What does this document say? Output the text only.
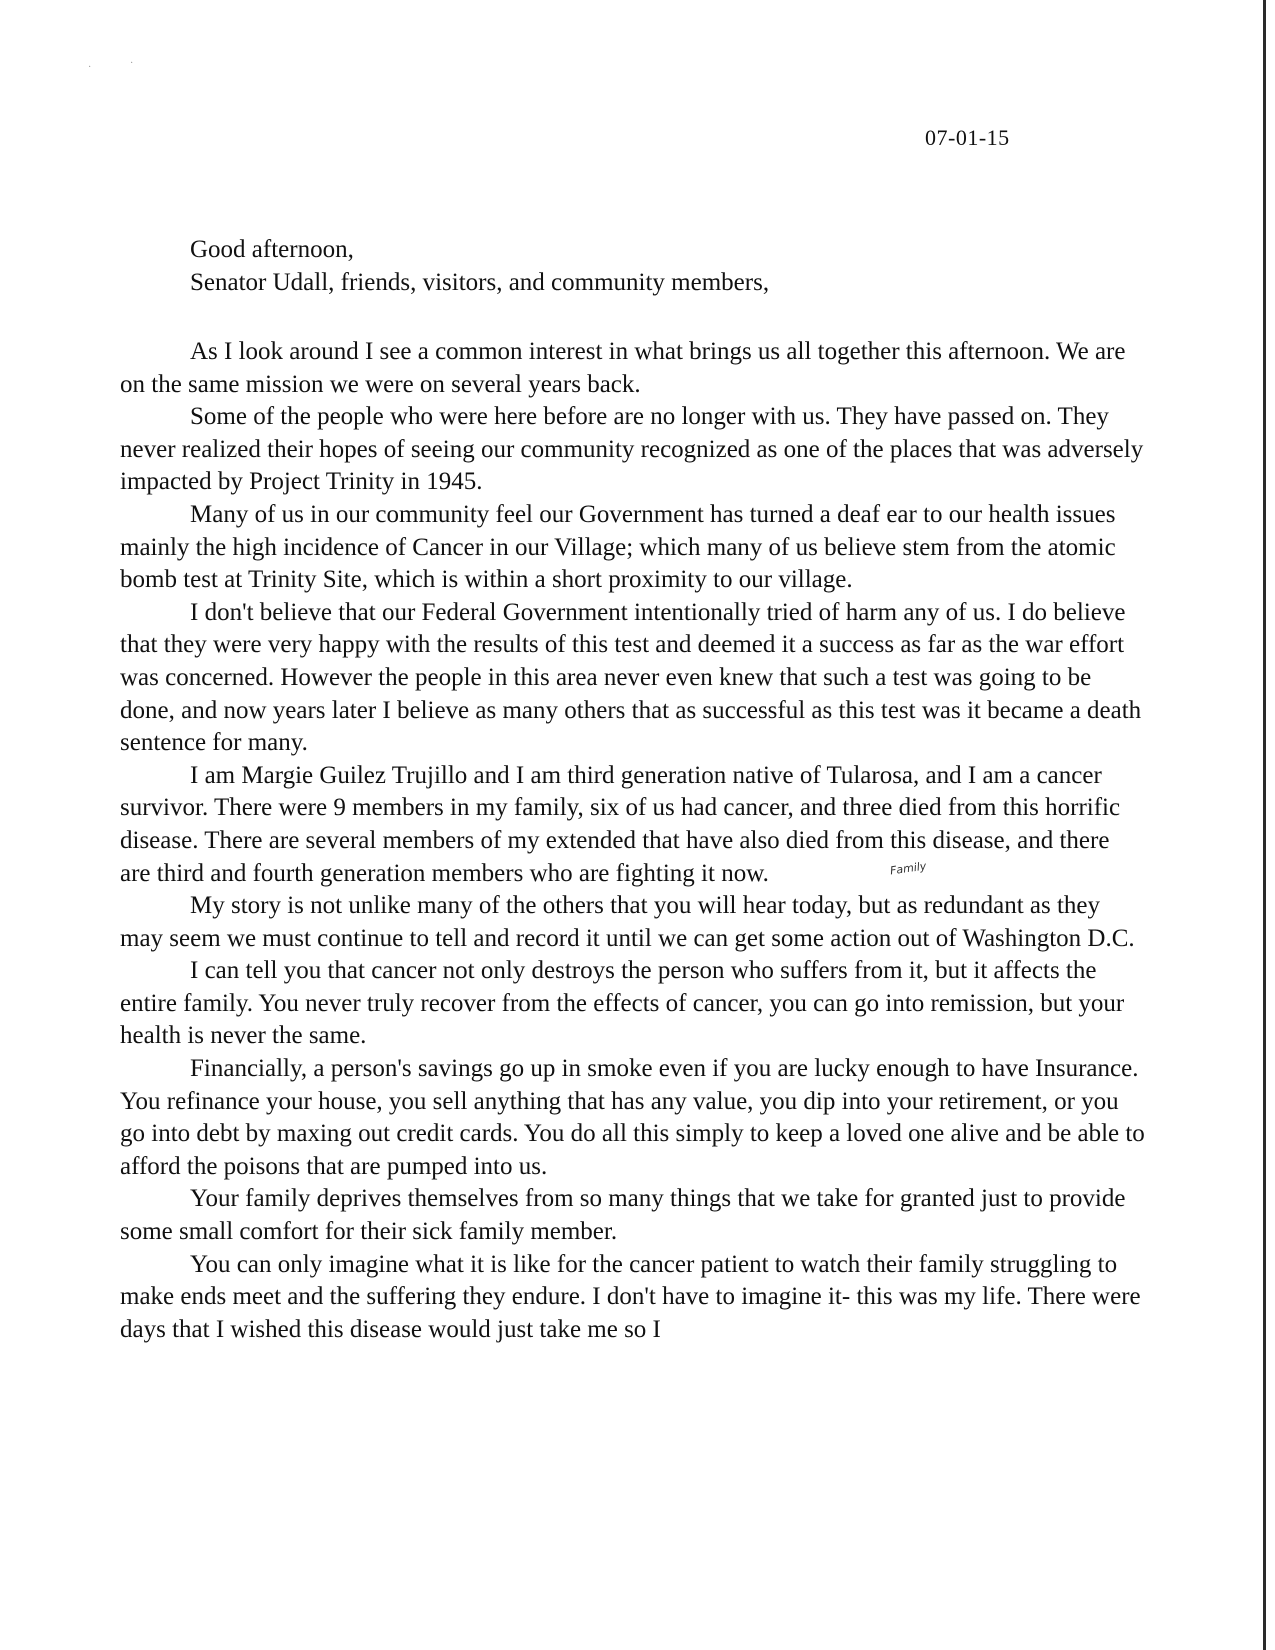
·	·
07-01-15

Good afternoon,

Senator Udall, friends, visitors, and community members,

As I look around I see a common interest in what brings us all together this afternoon. We are on the same mission we were on several years back.

Some of the people who were here before are no longer with us. They have passed on. They never realized their hopes of seeing our community recognized as one of the places that was adversely impacted by Project Trinity in 1945.

Many of us in our community feel our Government has turned a deaf ear to our health issues mainly the high incidence of Cancer in our Village; which many of us believe stem from the atomic bomb test at Trinity Site, which is within a short proximity to our village.

I don't believe that our Federal Government intentionally tried of harm any of us. I do believe that they were very happy with the results of this test and deemed it a success as far as the war effort was concerned. However the people in this area never even knew that such a test was going to be done, and now years later I believe as many others that as successful as this test was it became a death sentence for many.

I am Margie Guilez Trujillo and I am third generation native of Tularosa, and I am a cancer survivor. There were 9 members in my family, six of us had cancer, and three died from this horrific disease. There are several members of my extended that have also died from this disease, and there are third and fourth generation members who are fighting it now.

My story is not unlike many of the others that you will hear today, but as redundant as they may seem we must continue to tell and record it until we can get some action out of Washington D.C.

I can tell you that cancer not only destroys the person who suffers from it, but it affects the entire family. You never truly recover from the effects of cancer, you can go into remission, but your health is never the same.

Financially, a person's savings go up in smoke even if you are lucky enough to have Insurance. You refinance your house, you sell anything that has any value, you dip into your retirement, or you go into debt by maxing out credit cards. You do all this simply to keep a loved one alive and be able to afford the poisons that are pumped into us.

Your family deprives themselves from so many things that we take for granted just to provide some small comfort for their sick family member.

You can only imagine what it is like for the cancer patient to watch their family struggling to make ends meet and the suffering they endure. I don't have to imagine it- this was my life. There were days that I wished this disease would just take me so I

Family
